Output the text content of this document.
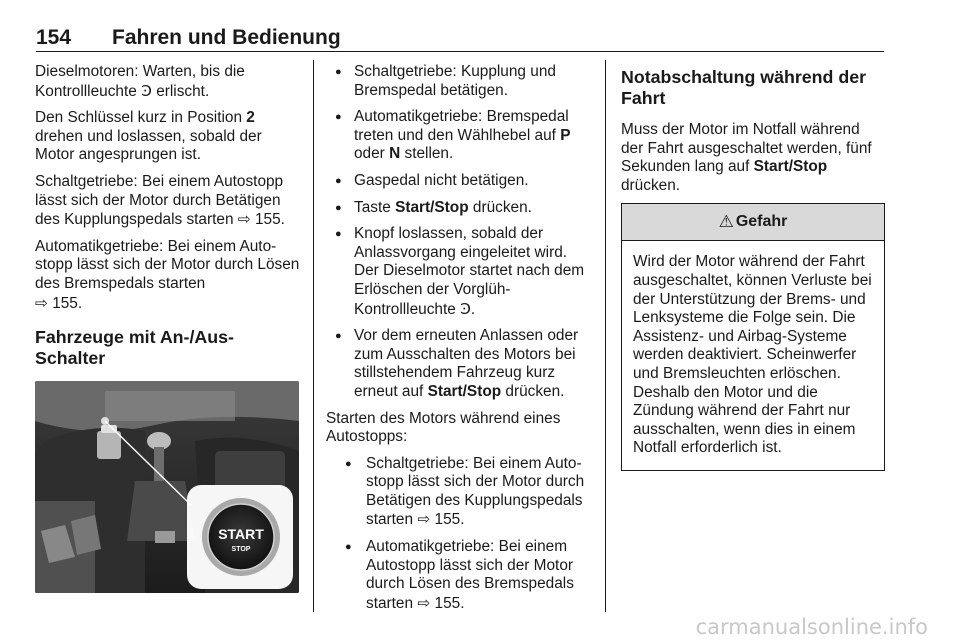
154 Fahren und Bedienung

Dieselmotoren: Warten, bis die Kontrollleuchte Ͽ erlischt.

Den Schlüssel kurz in Position 2 drehen und loslassen, sobald der Motor angesprungen ist.

Schaltgetriebe: Bei einem Autostopp lässt sich der Motor durch Betätigen des Kupplungspedals starten ⇨ 155.

Automatikgetriebe: Bei einem Autostopp lässt sich der Motor durch Lösen des Bremspedals starten
⇨ 155.

Fahrzeuge mit An-/Aus-Schalter
START
STOP
● Schaltgetriebe: Kupplung und Bremspedal betätigen.
● Automatikgetriebe: Bremspedal treten und den Wählhebel auf P oder N stellen.
● Gaspedal nicht betätigen.
● Taste Start/Stop drücken.
● Knopf loslassen, sobald der Anlassvorgang eingeleitet wird. Der Dieselmotor startet nach dem Erlöschen der Vorglüh-Kontrollleuchte Ͽ.
● Vor dem erneuten Anlassen oder zum Ausschalten des Motors bei stillstehendem Fahrzeug kurz erneut auf Start/Stop drücken.

Starten des Motors während eines Autostopps:

● Schaltgetriebe: Bei einem Autostopp lässt sich der Motor durch Betätigen des Kupplungspedals starten ⇨ 155.
● Automatikgetriebe: Bei einem Autostopp lässt sich der Motor durch Lösen des Bremspedals starten ⇨ 155.
Notabschaltung während der Fahrt

Muss der Motor im Notfall während der Fahrt ausgeschaltet werden, fünf Sekunden lang auf Start/Stop drücken.

⚠ Gefahr
Wird der Motor während der Fahrt ausgeschaltet, können Verluste bei der Unterstützung der Brems- und Lenksysteme die Folge sein. Die Assistenz- und Airbag-Systeme werden deaktiviert. Scheinwerfer und Bremsleuchten erlöschen. Deshalb den Motor und die Zündung während der Fahrt nur ausschalten, wenn dies in einem Notfall erforderlich ist.
carmanualsonline.info
